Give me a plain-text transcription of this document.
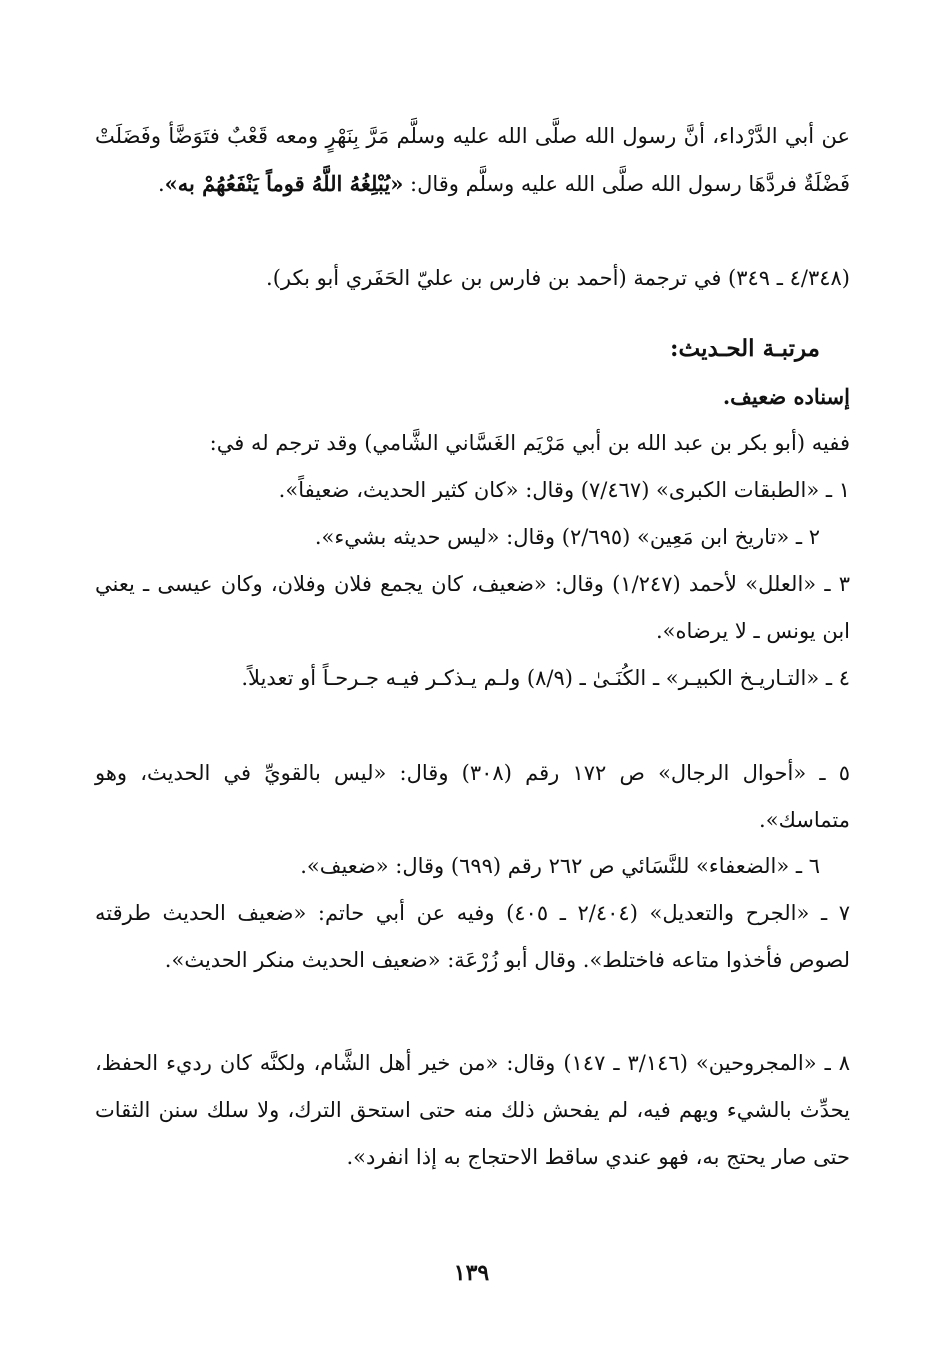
عن أبي الدَّرْداء، أنَّ رسول الله صلَّى الله عليه وسلَّم مَرَّ بِنَهْرٍ ومعه قَعْبٌ فتَوَضَّأ وفَضَلَتْ فَضْلَةٌ فردَّهَا رسول الله صلَّى الله عليه وسلَّم وقال: «يُبْلِغُهُ اللَّهُ قوماً يَنْفَعُهُمْ به».

(٤/٣٤٨ ـ ٣٤٩) في ترجمة (أحمد بن فارس بن عليّ الحَفَري أبو بكر).

مرتبـة الحـديث:

إسناده ضعيف.

ففيه (أبو بكر بن عبد الله بن أبي مَرْيَم الغَسَّاني الشَّامي) وقد ترجم له في:

١ ـ «الطبقات الكبرى» (٧/٤٦٧) وقال: «كان كثير الحديث، ضعيفاً».

٢ ـ «تاريخ ابن مَعِين» (٢/٦٩٥) وقال: «ليس حديثه بشيء».

٣ ـ «العلل» لأحمد (١/٢٤٧) وقال: «ضعيف، كان يجمع فلان وفلان، وكان عيسى ـ يعني ابن يونس ـ لا يرضاه».

٤ ـ «التـاريـخ الكبيـر» ـ الكُنَـىٰ ـ (٨/٩) ولـم يـذكـر فيـه جـرحـاً أو تعديلاً.

٥ ـ «أحوال الرجال» ص ١٧٢ رقم (٣٠٨) وقال: «ليس بالقويِّ في الحديث، وهو متماسك».

٦ ـ «الضعفاء» للنَّسَائي ص ٢٦٢ رقم (٦٩٩) وقال: «ضعيف».

٧ ـ «الجرح والتعديل» (٢/٤٠٤ ـ ٤٠٥) وفيه عن أبي حاتم: «ضعيف الحديث طرقته لصوص فأخذوا متاعه فاختلط». وقال أبو زُرْعَة: «ضعيف الحديث منكر الحديث».

٨ ـ «المجروحين» (٣/١٤٦ ـ ١٤٧) وقال: «من خير أهل الشَّام، ولكنَّه كان رديء الحفظ، يحدِّث بالشيء ويهم فيه، لم يفحش ذلك منه حتى استحق الترك، ولا سلك سنن الثقات حتى صار يحتج به، فهو عندي ساقط الاحتجاج به إذا انفرد».

١٣٩
